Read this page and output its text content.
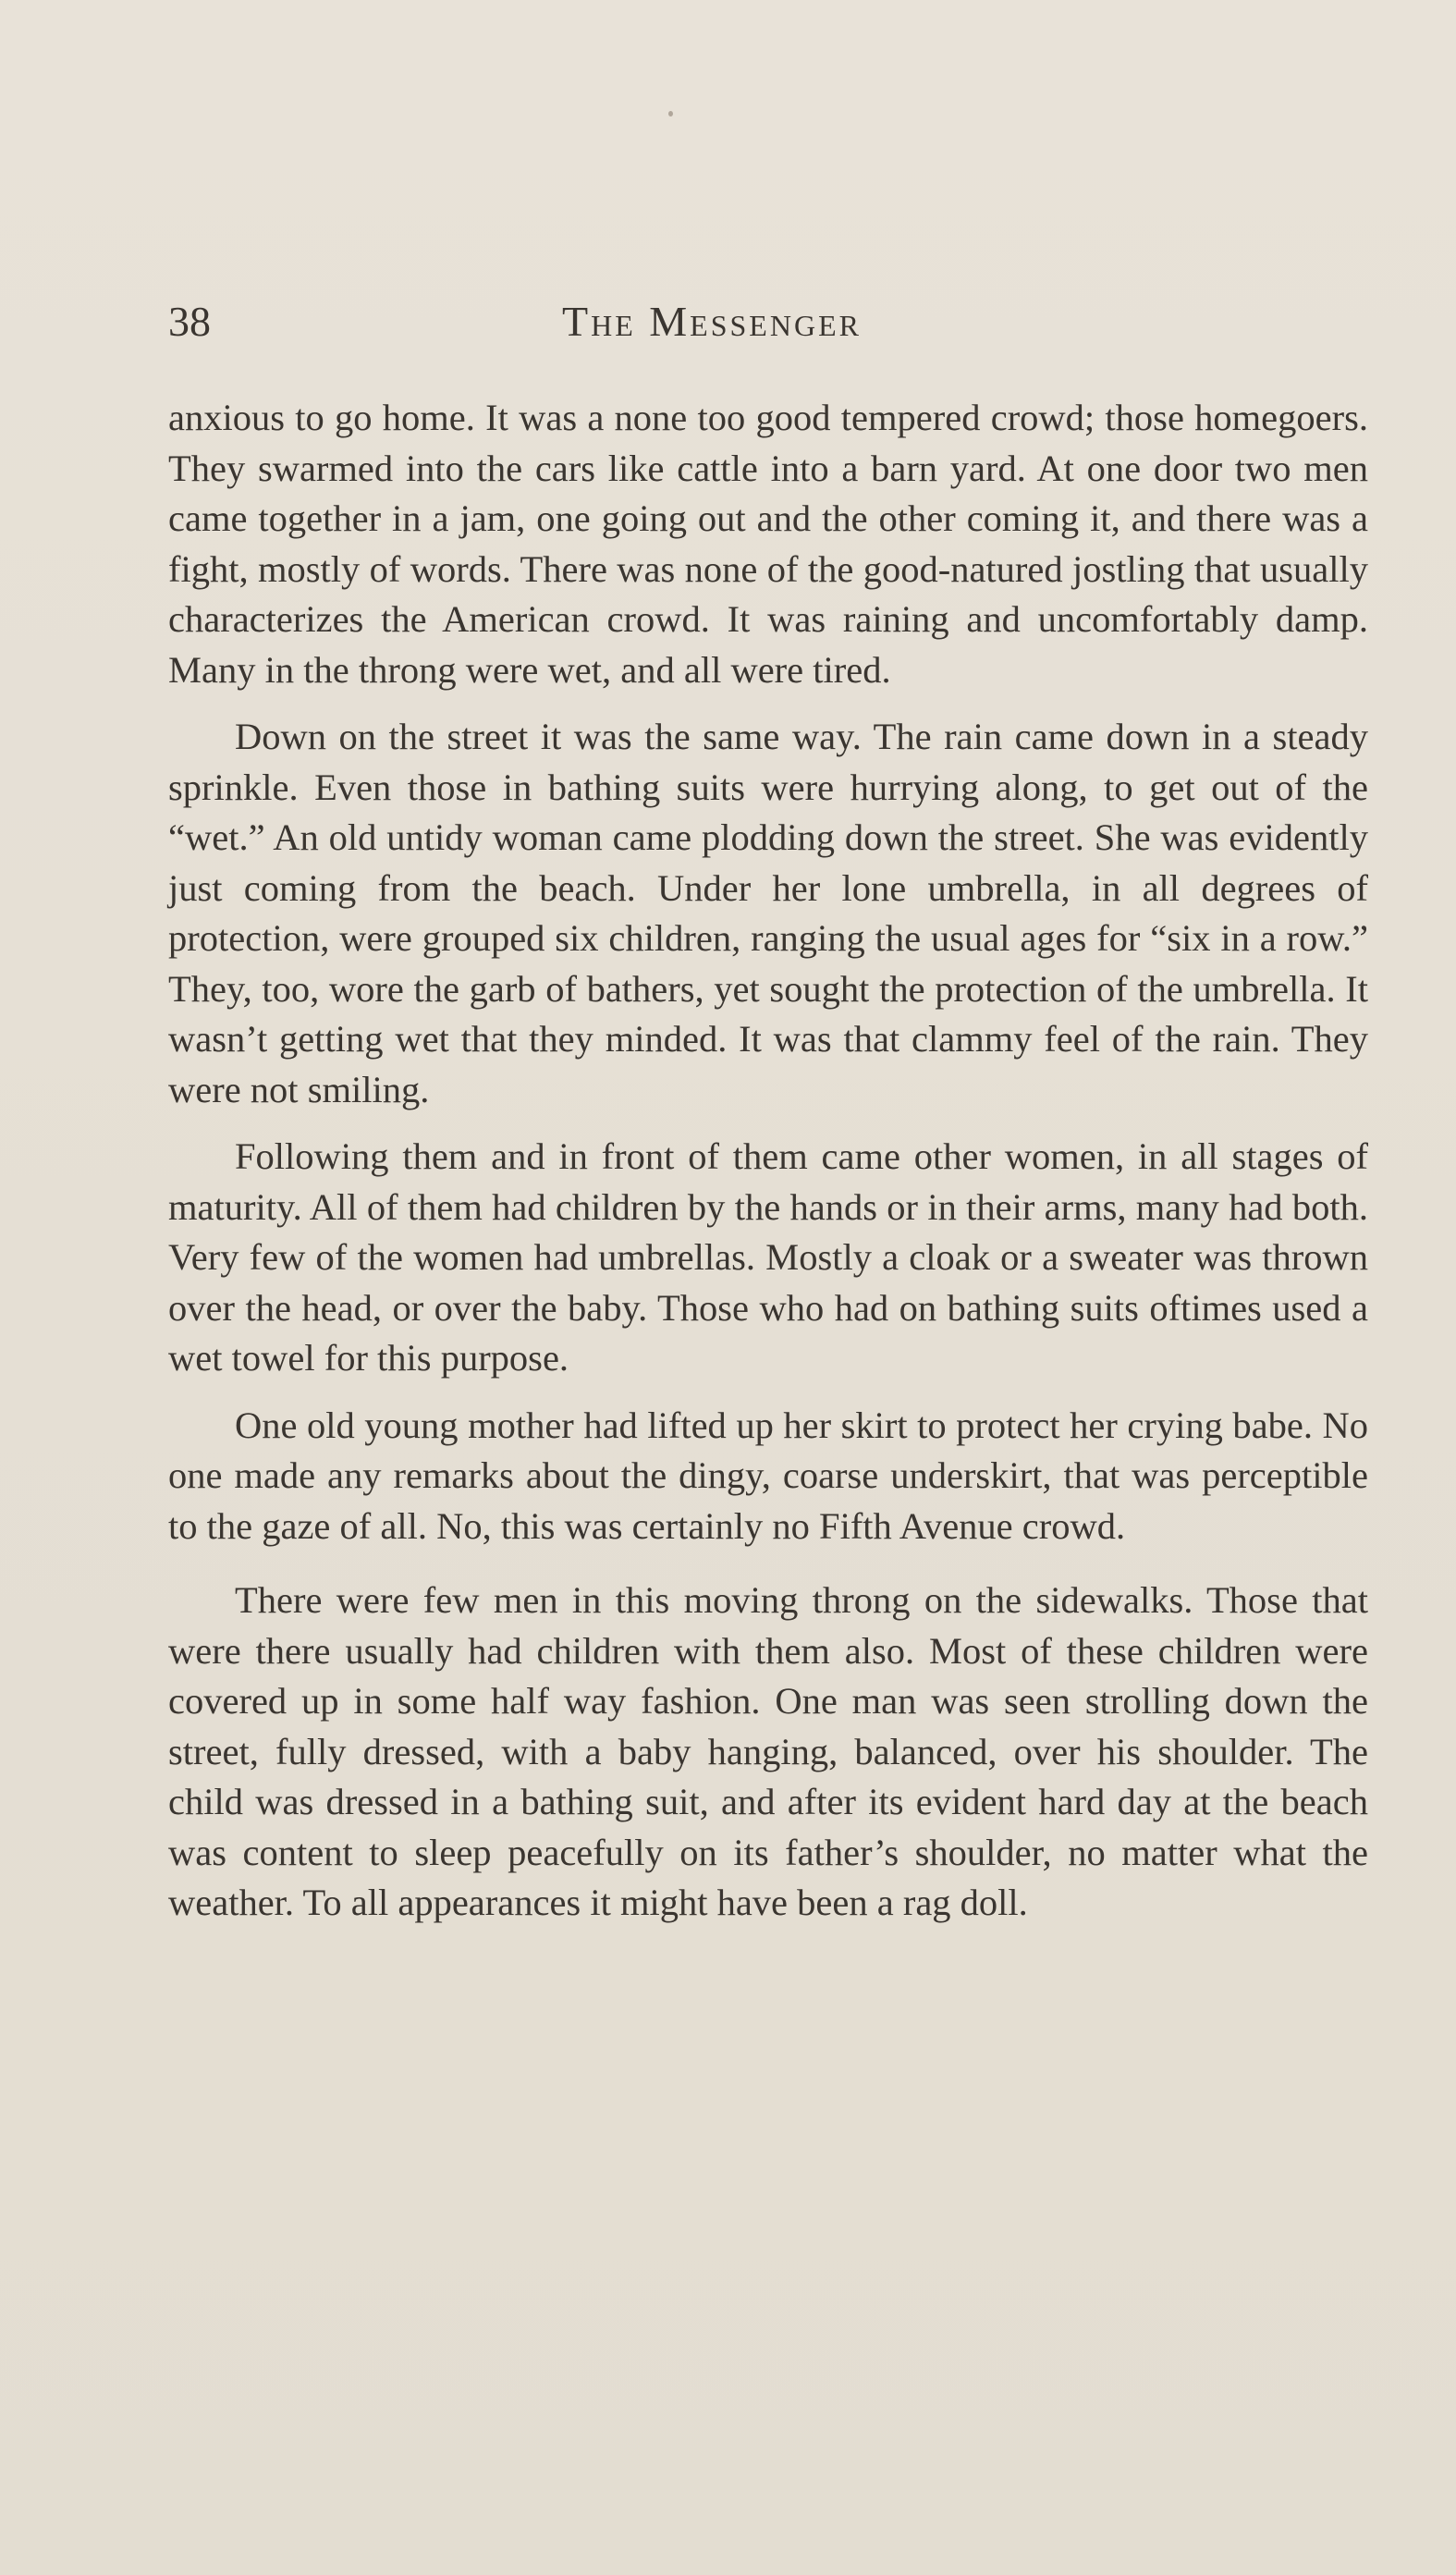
38	The Messenger

anxious to go home. It was a none too good tempered crowd; those homegoers. They swarmed into the cars like cattle into a barn yard. At one door two men came together in a jam, one going out and the other coming it, and there was a fight, mostly of words. There was none of the good-natured jostling that usually characterizes the American crowd. It was raining and uncomfortably damp. Many in the throng were wet, and all were tired.

Down on the street it was the same way. The rain came down in a steady sprinkle. Even those in bathing suits were hurrying along, to get out of the “wet.” An old untidy woman came plodding down the street. She was evidently just coming from the beach. Under her lone umbrella, in all degrees of protection, were grouped six children, ranging the usual ages for “six in a row.” They, too, wore the garb of bathers, yet sought the protection of the umbrella. It wasn’t getting wet that they minded. It was that clammy feel of the rain. They were not smiling.

Following them and in front of them came other women, in all stages of maturity. All of them had children by the hands or in their arms, many had both. Very few of the women had umbrellas. Mostly a cloak or a sweater was thrown over the head, or over the baby. Those who had on bathing suits oftimes used a wet towel for this purpose.

One old young mother had lifted up her skirt to protect her crying babe. No one made any remarks about the dingy, coarse underskirt, that was perceptible to the gaze of all. No, this was certainly no Fifth Avenue crowd.

There were few men in this moving throng on the sidewalks. Those that were there usually had children with them also. Most of these children were covered up in some half way fashion. One man was seen strolling down the street, fully dressed, with a baby hanging, balanced, over his shoulder. The child was dressed in a bathing suit, and after its evident hard day at the beach was content to sleep peacefully on its father’s shoulder, no matter what the weather. To all appearances it might have been a rag doll.
